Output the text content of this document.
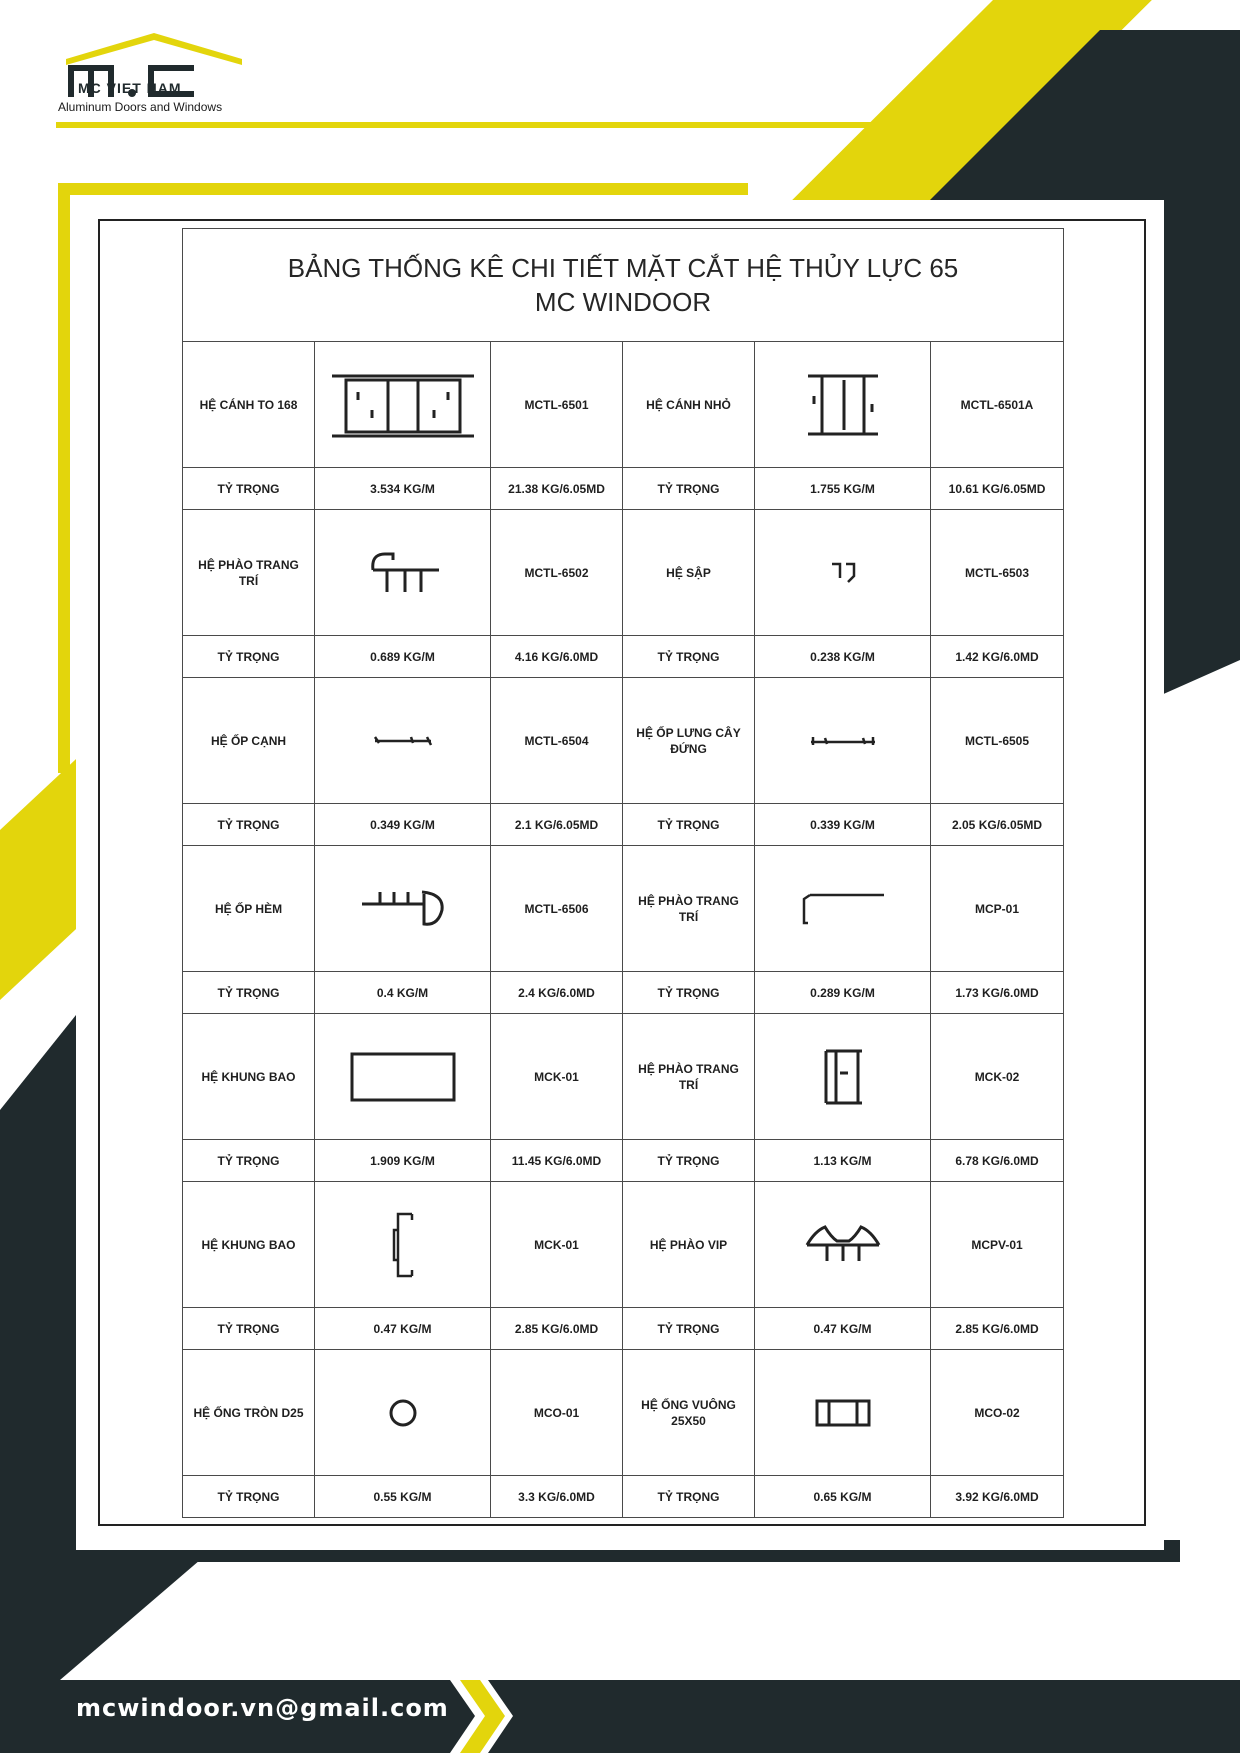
MC VIET NAM
Aluminum Doors and Windows
BẢNG THỐNG KÊ CHI TIẾT MẶT CẮT HỆ THỦY LỰC 65
MC WINDOOR					

HỆ CÁNH TO 168		MCTL-6501	HỆ CÁNH NHỎ		MCTL-6501A
TỶ TRỌNG	3.534 KG/M	21.38 KG/6.05MD	TỶ TRỌNG	1.755 KG/M	10.61 KG/6.05MD
HỆ PHÀO TRANG TRÍ		MCTL-6502	HỆ SẬP		MCTL-6503
TỶ TRỌNG	0.689 KG/M	4.16 KG/6.0MD	TỶ TRỌNG	0.238 KG/M	1.42 KG/6.0MD
HỆ ỐP CẠNH		MCTL-6504	HỆ ỐP LƯNG CÂY ĐỨNG		MCTL-6505
TỶ TRỌNG	0.349 KG/M	2.1 KG/6.05MD	TỶ TRỌNG	0.339 KG/M	2.05 KG/6.05MD
HỆ ỐP HÈM		MCTL-6506	HỆ PHÀO TRANG TRÍ		MCP-01
TỶ TRỌNG	0.4 KG/M	2.4 KG/6.0MD	TỶ TRỌNG	0.289 KG/M	1.73 KG/6.0MD
HỆ KHUNG BAO		MCK-01	HỆ PHÀO TRANG TRÍ		MCK-02
TỶ TRỌNG	1.909 KG/M	11.45 KG/6.0MD	TỶ TRỌNG	1.13 KG/M	6.78 KG/6.0MD
HỆ KHUNG BAO		MCK-01	HỆ PHÀO VIP		MCPV-01
TỶ TRỌNG	0.47 KG/M	2.85 KG/6.0MD	TỶ TRỌNG	0.47 KG/M	2.85 KG/6.0MD
HỆ ỐNG TRÒN D25		MCO-01	HỆ ỐNG VUÔNG 25X50		MCO-02
TỶ TRỌNG	0.55 KG/M	3.3 KG/6.0MD	TỶ TRỌNG	0.65 KG/M	3.92 KG/6.0MD
mcwindoor.vn@gmail.com
